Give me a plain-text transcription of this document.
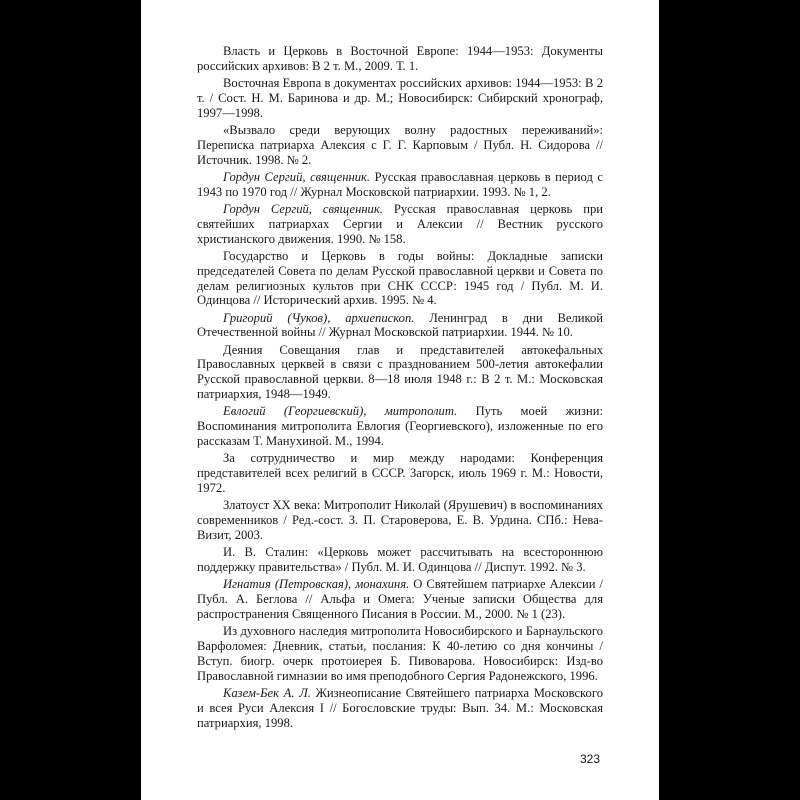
Власть и Церковь в Восточной Европе: 1944—1953: Документы российских архивов: В 2 т. М., 2009. Т. 1.

Восточная Европа в документах российских архивов: 1944—1953: В 2 т. / Сост. Н. М. Баринова и др. М.; Новосибирск: Сибирский хронограф, 1997—1998.

«Вызвало среди верующих волну радостных переживаний»: Переписка патриарха Алексия с Г. Г. Карповым / Публ. Н. Сидорова // Источник. 1998. № 2.

Гордун Сергий, священник. Русская православная церковь в период с 1943 по 1970 год // Журнал Московской патриархии. 1993. № 1, 2.

Гордун Сергий, священник. Русская православная церковь при святейших патриархах Сергии и Алексии // Вестник русского христианского движения. 1990. № 158.

Государство и Церковь в годы войны: Докладные записки председателей Совета по делам Русской православной церкви и Совета по делам религиозных культов при СНК СССР: 1945 год / Публ. М. И. Одинцова // Исторический архив. 1995. № 4.

Григорий (Чуков), архиепископ. Ленинград в дни Великой Отечественной войны // Журнал Московской патриархии. 1944. № 10.

Деяния Совещания глав и представителей автокефальных Православных церквей в связи с празднованием 500-летия автокефалии Русской православной церкви. 8—18 июля 1948 г.: В 2 т. М.: Московская патриархия, 1948—1949.

Евлогий (Георгиевский), митрополит. Путь моей жизни: Воспоминания митрополита Евлогия (Георгиевского), изложенные по его рассказам Т. Манухиной. М., 1994.

За сотрудничество и мир между народами: Конференция представителей всех религий в СССР. Загорск, июль 1969 г. М.: Новости, 1972.

Златоуст XX века: Митрополит Николай (Ярушевич) в воспоминаниях современников / Ред.-сост. З. П. Староверова, Е. В. Урдина. СПб.: Нева-Визит, 2003.

И. В. Сталин: «Церковь может рассчитывать на всестороннюю поддержку правительства» / Публ. М. И. Одинцова // Диспут. 1992. № 3.

Игнатия (Петровская), монахиня. О Святейшем патриархе Алексии / Публ. А. Беглова // Альфа и Омега: Ученые записки Общества для распространения Священного Писания в России. М., 2000. № 1 (23).

Из духовного наследия митрополита Новосибирского и Барнаульского Варфоломея: Дневник, статьи, послания: К 40-летию со дня кончины / Вступ. биогр. очерк протоиерея Б. Пивоварова. Новосибирск: Изд-во Православной гимназии во имя преподобного Сергия Радонежского, 1996.

Казем-Бек А. Л. Жизнеописание Святейшего патриарха Московского и всея Руси Алексия I // Богословские труды: Вып. 34. М.: Московская патриархия, 1998.

323
